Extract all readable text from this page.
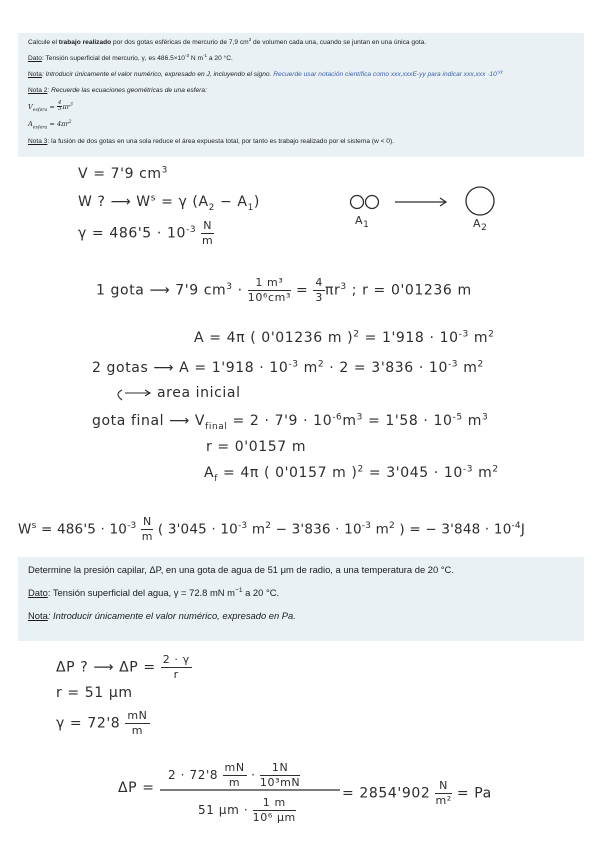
Calcule el trabajo realizado por dos gotas esféricas de mercurio de 7,9 $cm^3$ de volumen cada una, cuando se juntan en una única gota.

Dato: Tensión superficial del mercurio, γ, es $486.5\times 10^{-3}$ N $m^{-1}$ a 20 °C.

Nota: Introducir únicamente el valor numérico, expresado en J, incluyendo el signo. Recuerde usar notación científica como xxx,xxxE-yy para indicar $xxx,xxx \cdot 10^{-yy}$

Nota 2: Recuerde las ecuaciones geométricas de una esfera:

$V_{esfera} = \frac{4}{3} \pi r^3$

$A_{esfera} = 4\pi r^2$

Nota 3: la fusión de dos gotas en una sola reduce el área expuesta total, por tanto es trabajo realizado por el sistema (w < 0).

V = 7'9 $cm^3$
W ? ⟶ $W^s = \gamma$ $(A_2 - A_1)$
$\gamma = 486'5 \cdot 10^{-3} \frac{N}{m}$	$A_1$	$A_2$
1 gota ⟶ 7'9 $cm^3 \cdot \frac{\text{1 m³}}{\text{10⁶cm³}} = \frac{4}{3} \pi r^3$ ; r = 0'01236 m
A = 4π ( 0'01236 m )$^2 = 1'918 \cdot 10^{-3}$ $m^2$
2 gotas ⟶ $A = 1'918 \cdot 10^{-3}$ $m^2 \cdot 2 = 3'836 \cdot 10^{-3}$ $m^2$
area inicial
gota final ⟶ $V_{final} = 2 \cdot 7'9 \cdot 10^{-6}m^3 = 1'58 \cdot 10^{-5}$ $m^3$
r = 0'0157 m
$A_f = 4\pi$ ( 0'0157 m )$^2 = 3'045 \cdot 10^{-3}$ $m^2$
$W^s = 486'5 \cdot 10^{-3} \frac{N}{m}$ ( $3'045 \cdot 10^{-3}$ $m^2 - 3'836 \cdot 10^{-3}$ $m^2$ ) = − $3'848 \cdot 10^{-4}J$

Determine la presión capilar, ΔP, en una gota de agua de 51 μm de radio, a una temperatura de 20 °C.

Dato: Tensión superficial del agua, γ = 72.8 mN $m^{-1}$ a 20 °C.

Nota: Introducir únicamente el valor numérico, expresado en Pa.

ΔP ? ⟶ $\Delta P = \frac{2 \cdot \gamma}{r}$
r = 51 μm
$\gamma = 72'8 \frac{mN}{m}$
ΔP =
$2 \cdot 72'8 \frac{mN}{m} \cdot \frac{1N}{\text{10³mN}}$
51 $\mu m \cdot \frac{1 m}{\text{10⁶ μm}}$
= $2854'902 \frac{N}{\text{m²}} = Pa$
